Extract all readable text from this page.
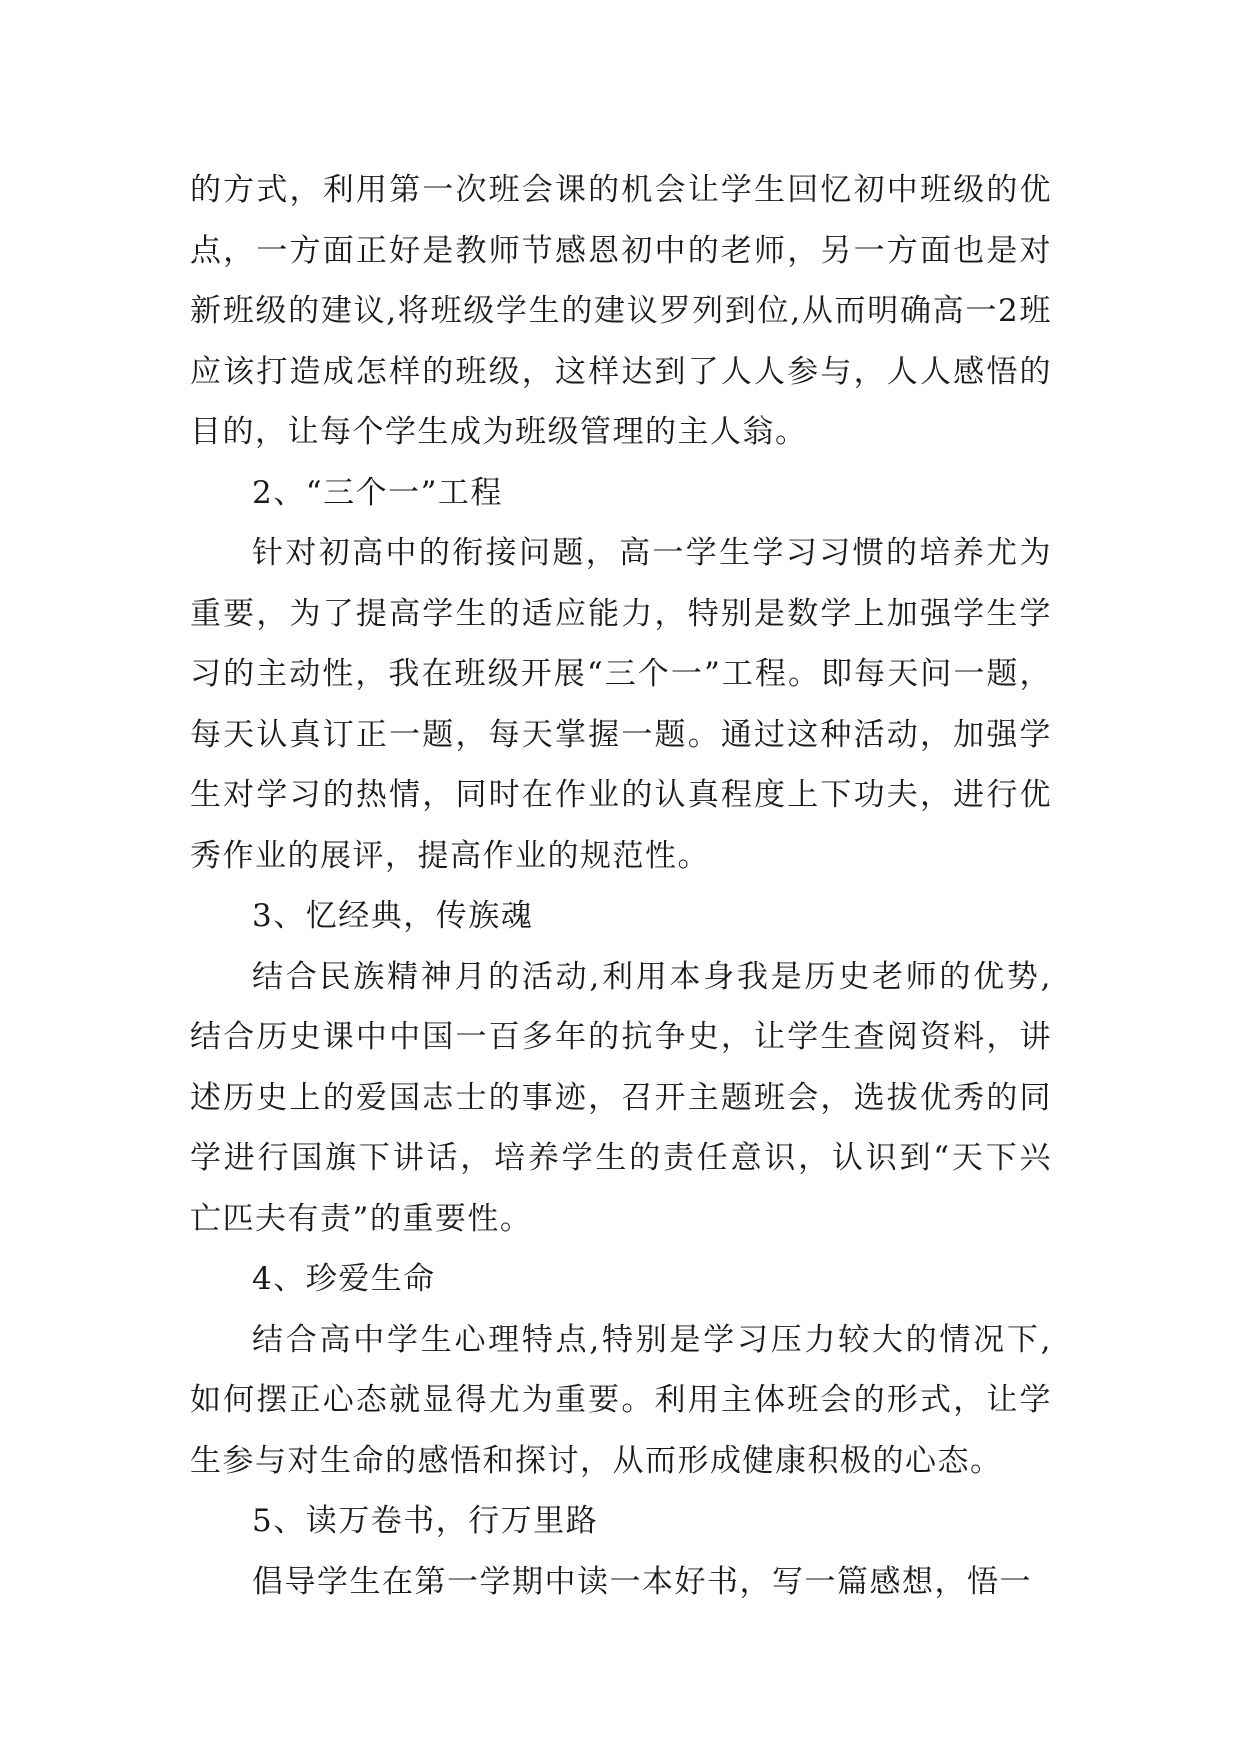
的方式，利用第一次班会课的机会让学生回忆初中班级的优点，一方面正好是教师节感恩初中的老师，另一方面也是对新班级的建议,将班级学生的建议罗列到位,从而明确高一2班应该打造成怎样的班级，这样达到了人人参与，人人感悟的目的，让每个学生成为班级管理的主人翁。

2、“三个一”工程

针对初高中的衔接问题，高一学生学习习惯的培养尤为重要，为了提高学生的适应能力，特别是数学上加强学生学习的主动性，我在班级开展“三个一”工程。即每天问一题，每天认真订正一题，每天掌握一题。通过这种活动，加强学生对学习的热情，同时在作业的认真程度上下功夫，进行优秀作业的展评，提高作业的规范性。

3、忆经典，传族魂

结合民族精神月的活动,利用本身我是历史老师的优势,结合历史课中中国一百多年的抗争史，让学生查阅资料，讲述历史上的爱国志士的事迹，召开主题班会，选拔优秀的同学进行国旗下讲话，培养学生的责任意识，认识到“天下兴亡匹夫有责”的重要性。

4、珍爱生命

结合高中学生心理特点,特别是学习压力较大的情况下,如何摆正心态就显得尤为重要。利用主体班会的形式，让学生参与对生命的感悟和探讨，从而形成健康积极的心态。

5、读万卷书，行万里路

倡导学生在第一学期中读一本好书，写一篇感想，悟一
